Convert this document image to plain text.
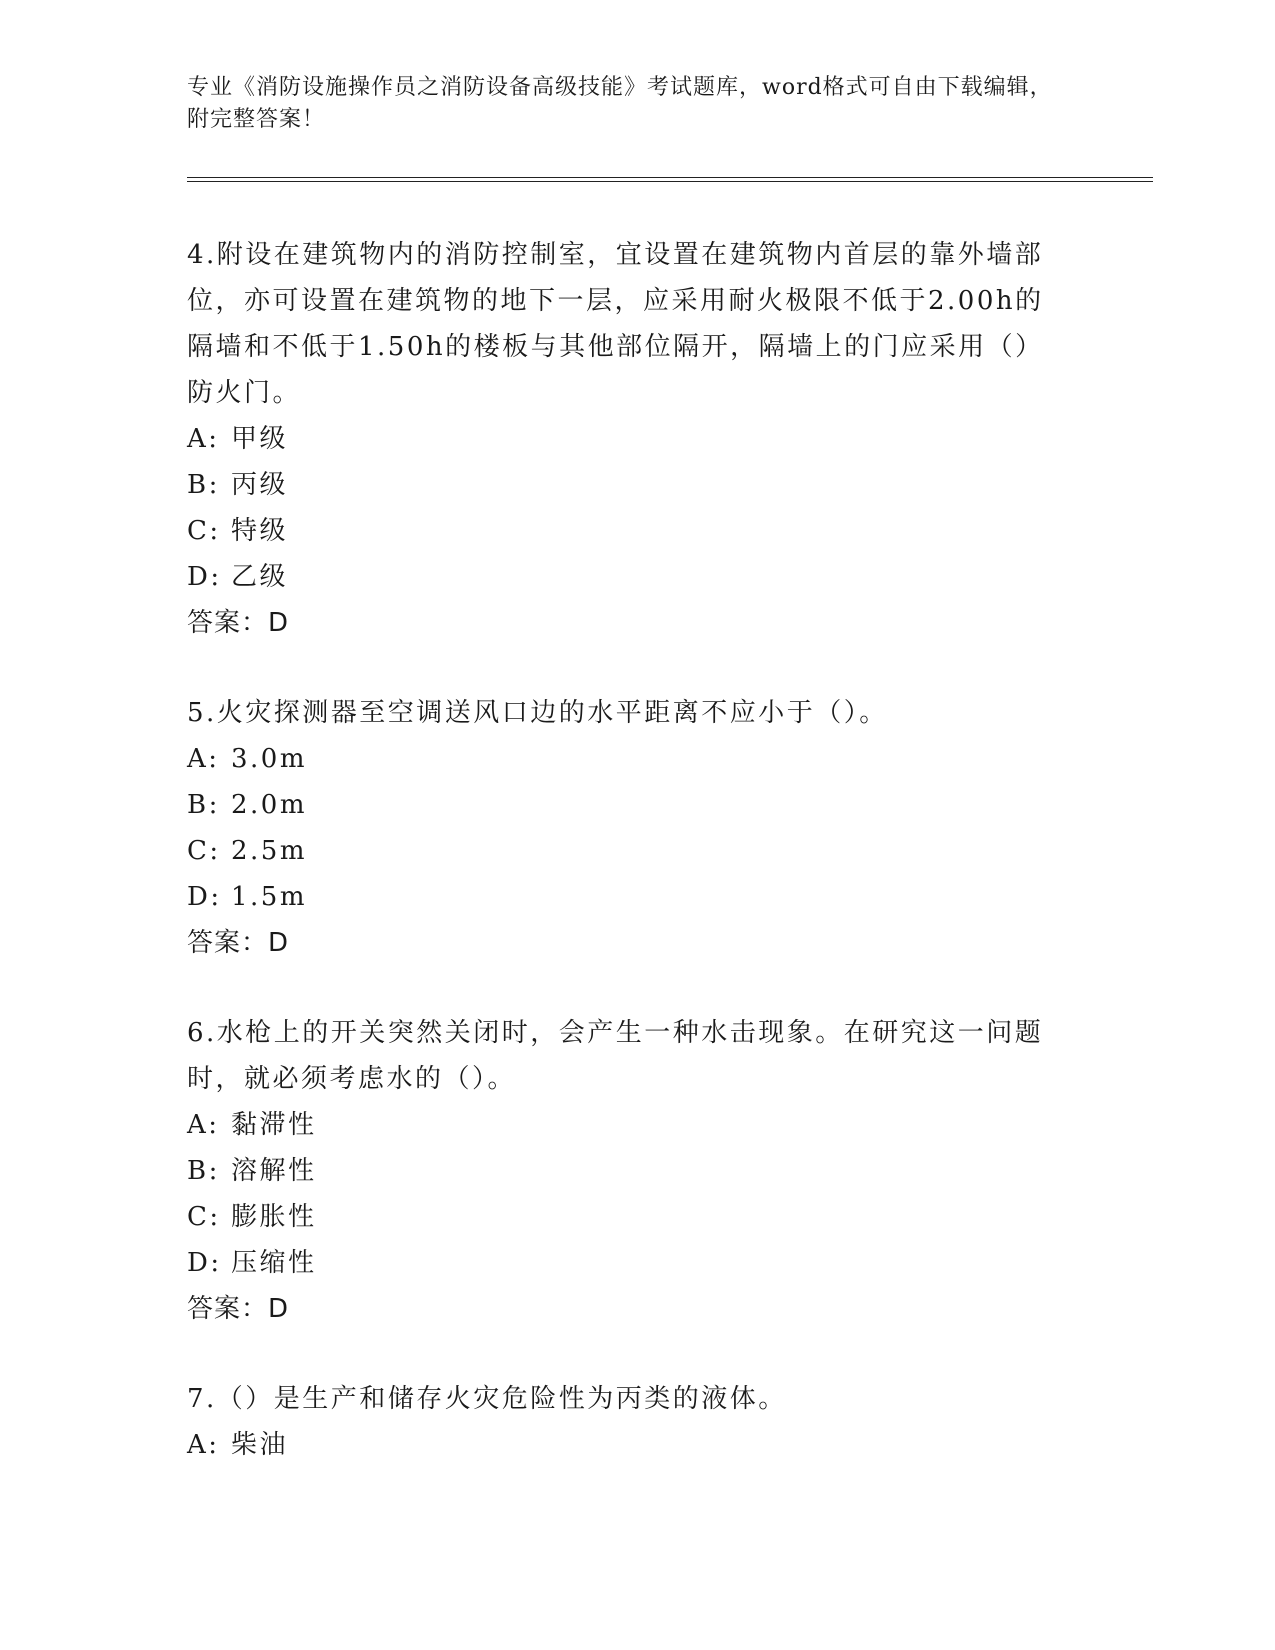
专业《消防设施操作员之消防设备高级技能》考试题库，word格式可自由下载编辑，附完整答案！
4.附设在建筑物内的消防控制室，宜设置在建筑物内首层的靠外墙部位，亦可设置在建筑物的地下一层，应采用耐火极限不低于2.00h的隔墙和不低于1.50h的楼板与其他部位隔开，隔墙上的门应采用（）防火门。
A: 甲级
B: 丙级
C: 特级
D: 乙级
答案：D
5.火灾探测器至空调送风口边的水平距离不应小于（）。
A: 3.0m
B: 2.0m
C: 2.5m
D: 1.5m
答案：D
6.水枪上的开关突然关闭时，会产生一种水击现象。在研究这一问题时，就必须考虑水的（）。
A: 黏滞性
B: 溶解性
C: 膨胀性
D: 压缩性
答案：D
7.（）是生产和储存火灾危险性为丙类的液体。
A: 柴油
